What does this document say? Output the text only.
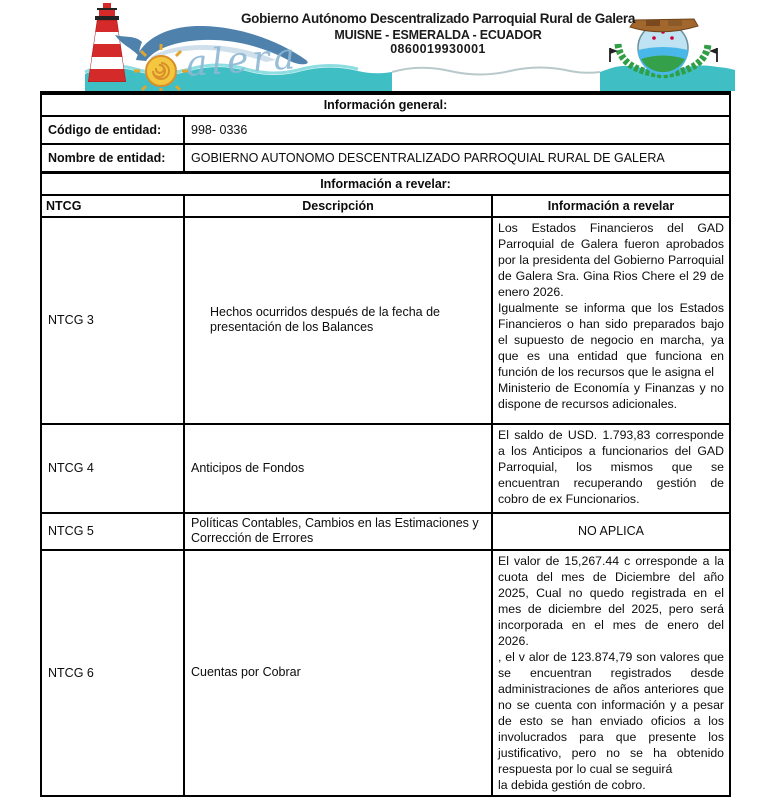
alera
Gobierno Autónomo Descentralizado Parroquial Rural de Galera
MUISNE - ESMERALDA - ECUADOR
0860019930001
Información general:		
Código de entidad:	998- 0336	
Nombre de entidad:	GOBIERNO AUTONOMO DESCENTRALIZADO PARROQUIAL RURAL DE GALERA	
Información a revelar:		
NTCG	Descripción	Información a revelar
NTCG 3	Hechos ocurridos después de la fecha de presentación de los Balances	Los Estados Financieros del GAD Parroquial de Galera fueron aprobados por la presidenta del Gobierno Parroquial de Galera Sra. Gina Rios Chere el 29 de enero 2026.

Igualmente se informa que los Estados Financieros o han sido preparados bajo el supuesto de negocio en marcha, ya que es una entidad que funciona en función de los recursos que le asigna el

Ministerio de Economía y Finanzas y no dispone de recursos adicionales.

NTCG 4	Anticipos de Fondos	El saldo de USD. 1.793,83 corresponde a los Anticipos a funcionarios del GAD Parroquial, los mismos que se encuentran recuperando gestión de cobro de ex Funcionarios.

NTCG 5	Políticas Contables, Cambios en las Estimaciones y Corrección de Errores	NO APLICA
NTCG 6	Cuentas por Cobrar	El valor de 15,267.44 c orresponde a la cuota del mes de Diciembre del año 2025, Cual no quedo registrada en el mes de diciembre del 2025, pero será incorporada en el mes de enero del 2026.

, el v alor de 123.874,79 son valores que se encuentran registrados desde administraciones de años anteriores que no se cuenta con información y a pesar de esto se han enviado oficios a los involucrados para que presente los justificativo, pero no se ha obtenido respuesta por lo cual se seguirá

la debida gestión de cobro.
